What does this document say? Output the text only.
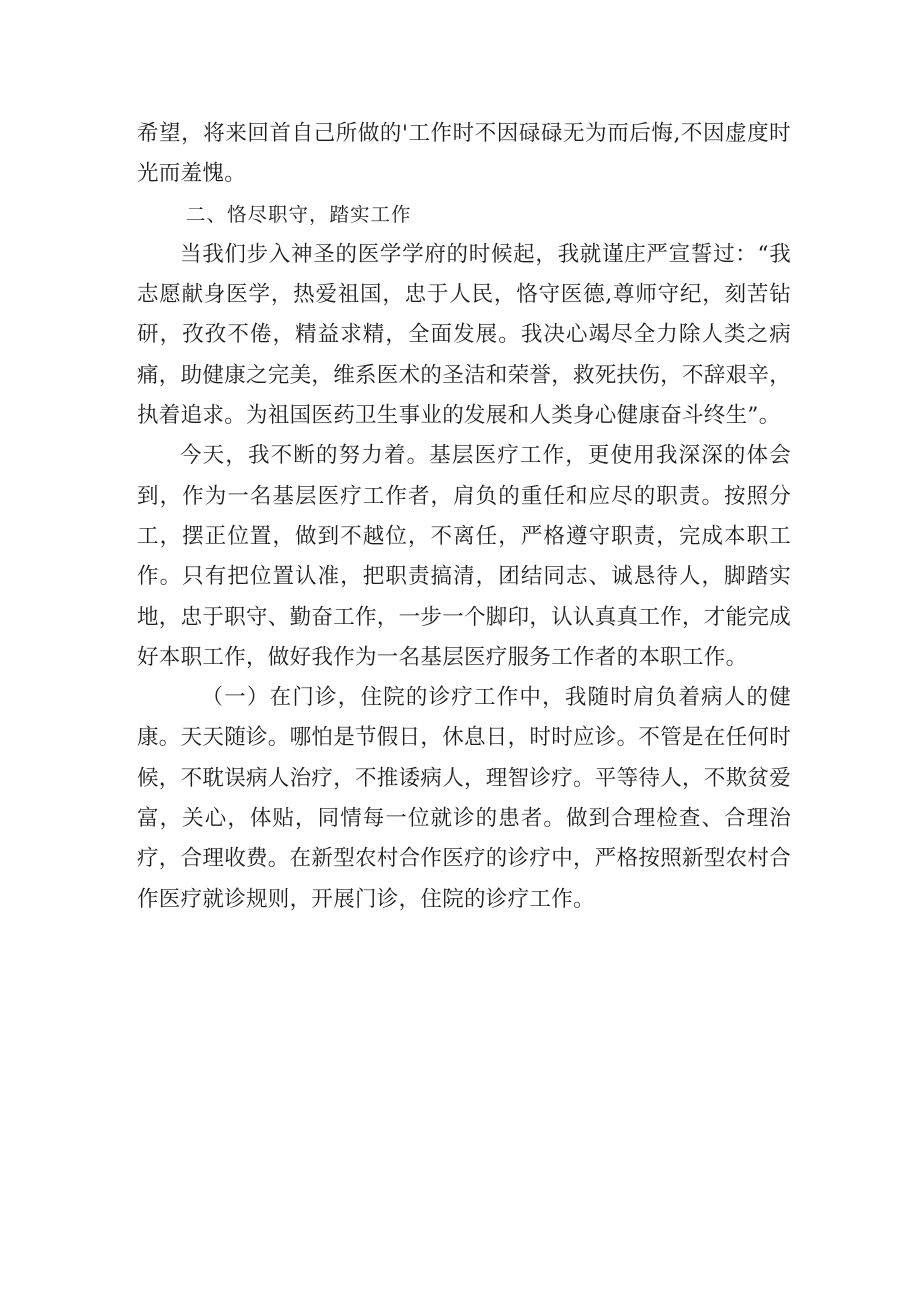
希望，将来回首自己所做的'工作时不因碌碌无为而后悔,不因虚度时光而羞愧。

二、恪尽职守，踏实工作

当我们步入神圣的医学学府的时候起，我就谨庄严宣誓过：“我志愿献身医学，热爱祖国，忠于人民，恪守医德,尊师守纪，刻苦钻研，孜孜不倦，精益求精，全面发展。我决心竭尽全力除人类之病痛，助健康之完美，维系医术的圣洁和荣誉，救死扶伤，不辞艰辛，执着追求。为祖国医药卫生事业的发展和人类身心健康奋斗终生”。

今天，我不断的努力着。基层医疗工作，更使用我深深的体会到，作为一名基层医疗工作者，肩负的重任和应尽的职责。按照分工，摆正位置，做到不越位，不离任，严格遵守职责，完成本职工作。只有把位置认准，把职责搞清，团结同志、诚恳待人，脚踏实地，忠于职守、勤奋工作，一步一个脚印，认认真真工作，才能完成好本职工作，做好我作为一名基层医疗服务工作者的本职工作。

（一）在门诊，住院的诊疗工作中，我随时肩负着病人的健康。天天随诊。哪怕是节假日，休息日，时时应诊。不管是在任何时候，不耽误病人治疗，不推诿病人，理智诊疗。平等待人，不欺贫爱富，关心，体贴，同情每一位就诊的患者。做到合理检查、合理治疗，合理收费。在新型农村合作医疗的诊疗中，严格按照新型农村合作医疗就诊规则，开展门诊，住院的诊疗工作。
